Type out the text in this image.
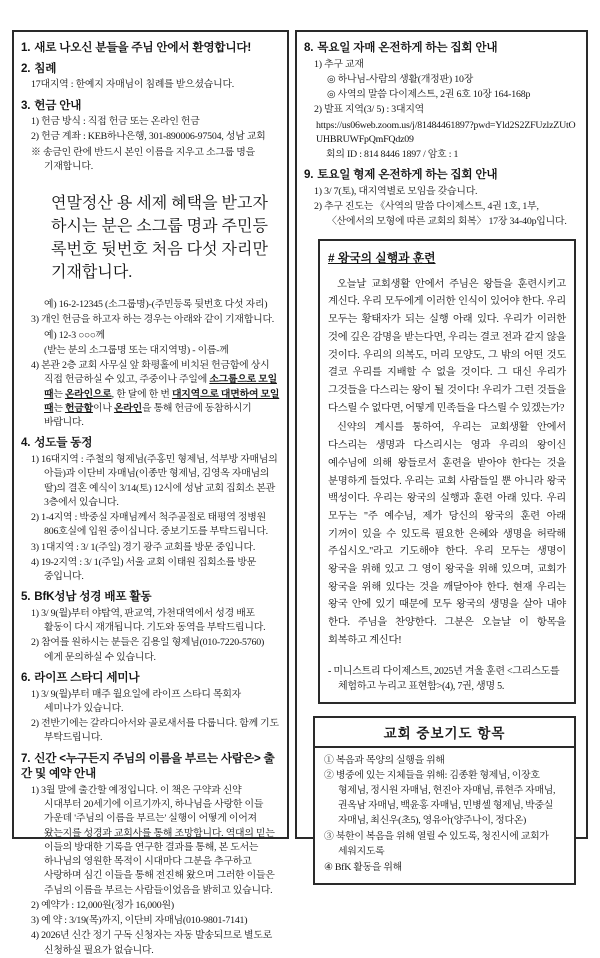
1. 새로 나오신 분들을 주님 안에서 환영합니다!
2. 침례

17대지역 : 한예지 자매님이 침례를 받으셨습니다.

3. 헌금 안내

1) 헌금 방식 : 직접 헌금 또는 온라인 헌금

2) 헌금 계좌 : KEB하나은행, 301-890006-97504, 성남 교회

※ 송금인 란에 반드시 본인 이름을 지우고 소그룹 명을 기재합니다.

연말정산 용 세제 혜택을 받고자 하시는 분은 소그룹 명과 주민등록번호 뒷번호 처음 다섯 자리만 기재합니다.

예) 16-2-12345 (소그룹명)-(주민등록 뒷번호 다섯 자리)

3) 개인 헌금을 하고자 하는 경우는 아래와 같이 기재합니다.

예) 12-3 ○○○께

(받는 분의 소그룹명 또는 대지역명) - 이름-께

4) 본관 2층 교회 사무실 앞 화평홀에 비치된 헌금함에 상시 직접 헌금하실 수 있고, 주중이나 주일에 소그룹으로 모일 때는 온라인으로, 한 달에 한 번 대지역으로 대면하여 모일 때는 헌금함이나 온라인을 통해 헌금에 동참하시기 바랍니다.

4. 성도들 동정

1) 16대지역 : 주철의 형제님(주홍민 형제님, 석부방 자매님의 아들)과 이단비 자매님(이종만 형제님, 김영옥 자매님의 딸)의 결혼 예식이 3/14(토) 12시에 성남 교회 집회소 본관 3층에서 있습니다.

2) 1-4지역 : 박중실 자매님께서 척주골절로 태평역 정병원 806호실에 입원 중이십니다. 중보기도를 부탁드립니다.

3) 1대지역 : 3/ 1(주일) 경기 광주 교회를 방문 중입니다.

4) 19-2지역 : 3/ 1(주일) 서울 교회 이태원 집회소를 방문 중입니다.

5. BfK성남 성경 배포 활동

1) 3/ 9(월)부터 야탑역, 판교역, 가천대역에서 성경 배포 활동이 다시 재개됩니다. 기도와 동역을 부탁드립니다.

2) 참여를 원하시는 분들은 김용일 형제님(010-7220-5760)에게 문의하실 수 있습니다.

6. 라이프 스타디 세미나

1) 3/ 9(월)부터 매주 월요일에 라이프 스타디 목회자 세미나가 있습니다.

2) 전반기에는 갈라디아서와 골로새서를 다룹니다. 함께 기도 부탁드립니다.

7. 신간 <누구든지 주님의 이름을 부르는 사람은> 출간 및 예약 안내

1) 3월 말에 출간할 예정입니다. 이 책은 구약과 신약 시대부터 20세기에 이르기까지, 하나님을 사랑한 이들 가운데 '주님의 이름을 부르는' 실행이 어떻게 이어져 왔는지를 성경과 교회사를 통해 조망합니다. 역대의 믿는 이들의 방대한 기록을 연구한 결과를 통해, 본 도서는 하나님의 영원한 목적이 시대마다 그분을 추구하고 사랑하며 심긴 이들을 통해 전진해 왔으며 그러한 이들은 주님의 이름을 부르는 사람들이었음을 밝히고 있습니다.

2) 예약가 : 12,000원(정가 16,000원)

3) 예 약 : 3/19(목)까지, 이단비 자매님(010-9801-7141)

4) 2026년 신간 정기 구독 신청자는 자동 발송되므로 별도로 신청하실 필요가 없습니다.

8. 목요일 자매 온전하게 하는 집회 안내

1) 추구 교재

◎ 하나님-사람의 생활(개정판) 10장

◎ 사역의 말씀 다이제스트, 2권 6호 10장 164-168p

2) 발표 지역(3/ 5) : 3대지역

https://us06web.zoom.us/j/81484461897?pwd=Yld2S2ZFUzlzZUtOUHBRUWFpQmFQdz09

회의 ID : 814 8446 1897 / 암호 : 1

9. 토요일 형제 온전하게 하는 집회 안내

1) 3/ 7(토), 대지역별로 모임을 갖습니다.

2) 추구 진도는 《사역의 말씀 다이제스트, 4권 1호, 1부, 〈산에서의 모형에 따른 교회의 회복〉 17장 34-40p입니다.

# 왕국의 실행과 훈련

오늘날 교회생활 안에서 주님은 왕들을 훈련시키고 계신다. 우리 모두에게 이러한 인식이 있어야 한다. 우리 모두는 황태자가 되는 실행 아래 있다. 우리가 이러한 것에 깊은 감명을 받는다면, 우리는 결코 전과 같지 않을 것이다. 우리의 의복도, 머리 모양도, 그 밖의 어떤 것도 결코 우리를 지배할 수 없을 것이다. 그 대신 우리가 그것들을 다스리는 왕이 될 것이다! 우리가 그런 것들을 다스릴 수 없다면, 어떻게 민족들을 다스릴 수 있겠는가?

신약의 계시를 통하여, 우리는 교회생활 안에서 다스리는 생명과 다스리시는 영과 우리의 왕이신 예수님에 의해 왕들로서 훈련을 받아야 한다는 것을 분명하게 들었다. 우리는 교회 사람들일 뿐 아니라 왕국 백성이다. 우리는 왕국의 실행과 훈련 아래 있다. 우리 모두는 "주 예수님, 제가 당신의 왕국의 훈련 아래 기꺼이 있을 수 있도록 필요한 은혜와 생명을 허락해 주십시오."라고 기도해야 한다. 우리 모두는 생명이 왕국을 위해 있고 그 영이 왕국을 위해 있으며, 교회가 왕국을 위해 있다는 것을 깨달아야 한다. 현재 우리는 왕국 안에 있기 때문에 모두 왕국의 생명을 살아 내야 한다. 주님을 찬양한다. 그분은 오늘날 이 항목을 회복하고 계신다!

- 미니스트리 다이제스트, 2025년 겨울 훈련 <그리스도를 체험하고 누리고 표현함>(4), 7권, 생명 5.

교회 중보기도 항목

① 복음과 목양의 실행을 위해

② 병중에 있는 지체들을 위해: 김종환 형제님, 이장호 형제님, 정시원 자매님, 현진아 자매님, 류현주 자매님, 권옥남 자매님, 백윤홍 자매님, 민병셀 형제님, 박중실 자매님, 최신우(초5), 영유아(양주나이, 정다온)

③ 북한이 복음을 위해 열릴 수 있도록, 청진시에 교회가 세워지도록

④ BfK 활동을 위해
